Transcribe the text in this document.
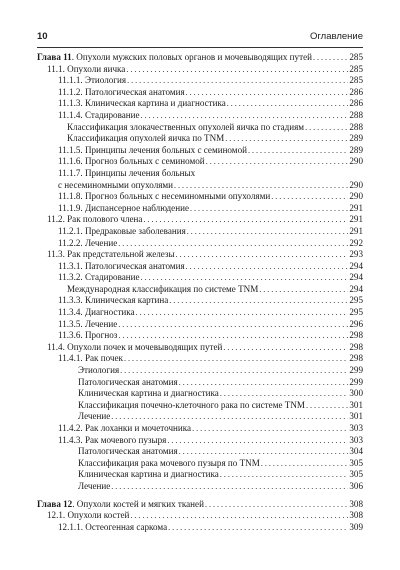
10	Оглавление
Глава 11. Опухоли мужских половых органов и мочевыводящих путей . . .	285
11.1. Опухоли яичка . . .	285
11.1.1. Этиология . . .	285
11.1.2. Патологическая анатомия . . .	286
11.1.3. Клиническая картина и диагностика . . .	286
11.1.4. Стадирование . . .	288
Классификация злокачественных опухолей яичка по стадиям . . .	288
Классификация опухолей яичка по TNM . . .	289
11.1.5. Принципы лечения больных с семиномой . . .	289
11.1.6. Прогноз больных с семиномой . . .	290
11.1.7. Принципы лечения больных
с несеминомными опухолями . . .	290
11.1.8. Прогноз больных с несеминомными опухолями . . .	290
11.1.9. Диспансерное наблюдение . . .	291
11.2. Рак полового члена . . .	291
11.2.1. Предраковые заболевания . . .	291
11.2.2. Лечение . . .	292
11.3. Рак предстательной железы . . .	293
11.3.1. Патологическая анатомия . . .	294
11.3.2. Стадирование . . .	294
Международная классификация по системе TNM . . .	294
11.3.3. Клиническая картина . . .	295
11.3.4. Диагностика . . .	295
11.3.5. Лечение . . .	296
11.3.6. Прогноз . . .	298
11.4. Опухоли почек и мочевыводящих путей . . .	298
11.4.1. Рак почек . . .	298
Этиология . . .	299
Патологическая анатомия . . .	299
Клиническая картина и диагностика . . .	300
Классификация почечно-клеточного рака по системе TNM . . .	301
Лечение . . .	301
11.4.2. Рак лоханки и мочеточника . . .	303
11.4.3. Рак мочевого пузыря . . .	303
Патологическая анатомия . . .	304
Классификация рака мочевого пузыря по TNM . . .	305
Клиническая картина и диагностика . . .	305
Лечение . . .	306
Глава 12. Опухоли костей и мягких тканей . . .	308
12.1. Опухоли костей . . .	308
12.1.1. Остеогенная саркома . . .	309
